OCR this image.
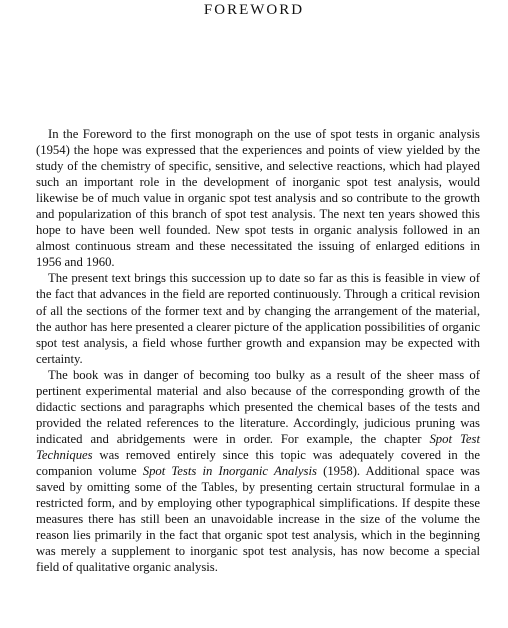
FOREWORD

In the Foreword to the first monograph on the use of spot tests in organic analysis (1954) the hope was expressed that the experiences and points of view yielded by the study of the chemistry of specific, sensitive, and selective reactions, which had played such an important role in the development of inorganic spot test analysis, would likewise be of much value in organic spot test analysis and so contribute to the growth and popularization of this branch of spot test analysis. The next ten years showed this hope to have been well founded. New spot tests in organic analysis followed in an almost continuous stream and these necessitated the issuing of enlarged editions in 1956 and 1960.

The present text brings this succession up to date so far as this is feasible in view of the fact that advances in the field are reported continuously. Through a critical revision of all the sections of the former text and by changing the arrangement of the material, the author has here presented a clearer picture of the application possibilities of organic spot test analysis, a field whose further growth and expansion may be expected with certainty.

The book was in danger of becoming too bulky as a result of the sheer mass of pertinent experimental material and also because of the corresponding growth of the didactic sections and paragraphs which presented the chemical bases of the tests and provided the related references to the literature. Accordingly, judicious pruning was indicated and abridgements were in order. For example, the chapter Spot Test Techniques was removed entirely since this topic was adequately covered in the companion volume Spot Tests in Inorganic Analysis (1958). Additional space was saved by omitting some of the Tables, by presenting certain structural formulae in a restricted form, and by employing other typographical simplifications. If despite these measures there has still been an unavoidable increase in the size of the volume the reason lies primarily in the fact that organic spot test analysis, which in the beginning was merely a supplement to inorganic spot test analysis, has now become a special field of qualitative organic analysis.
